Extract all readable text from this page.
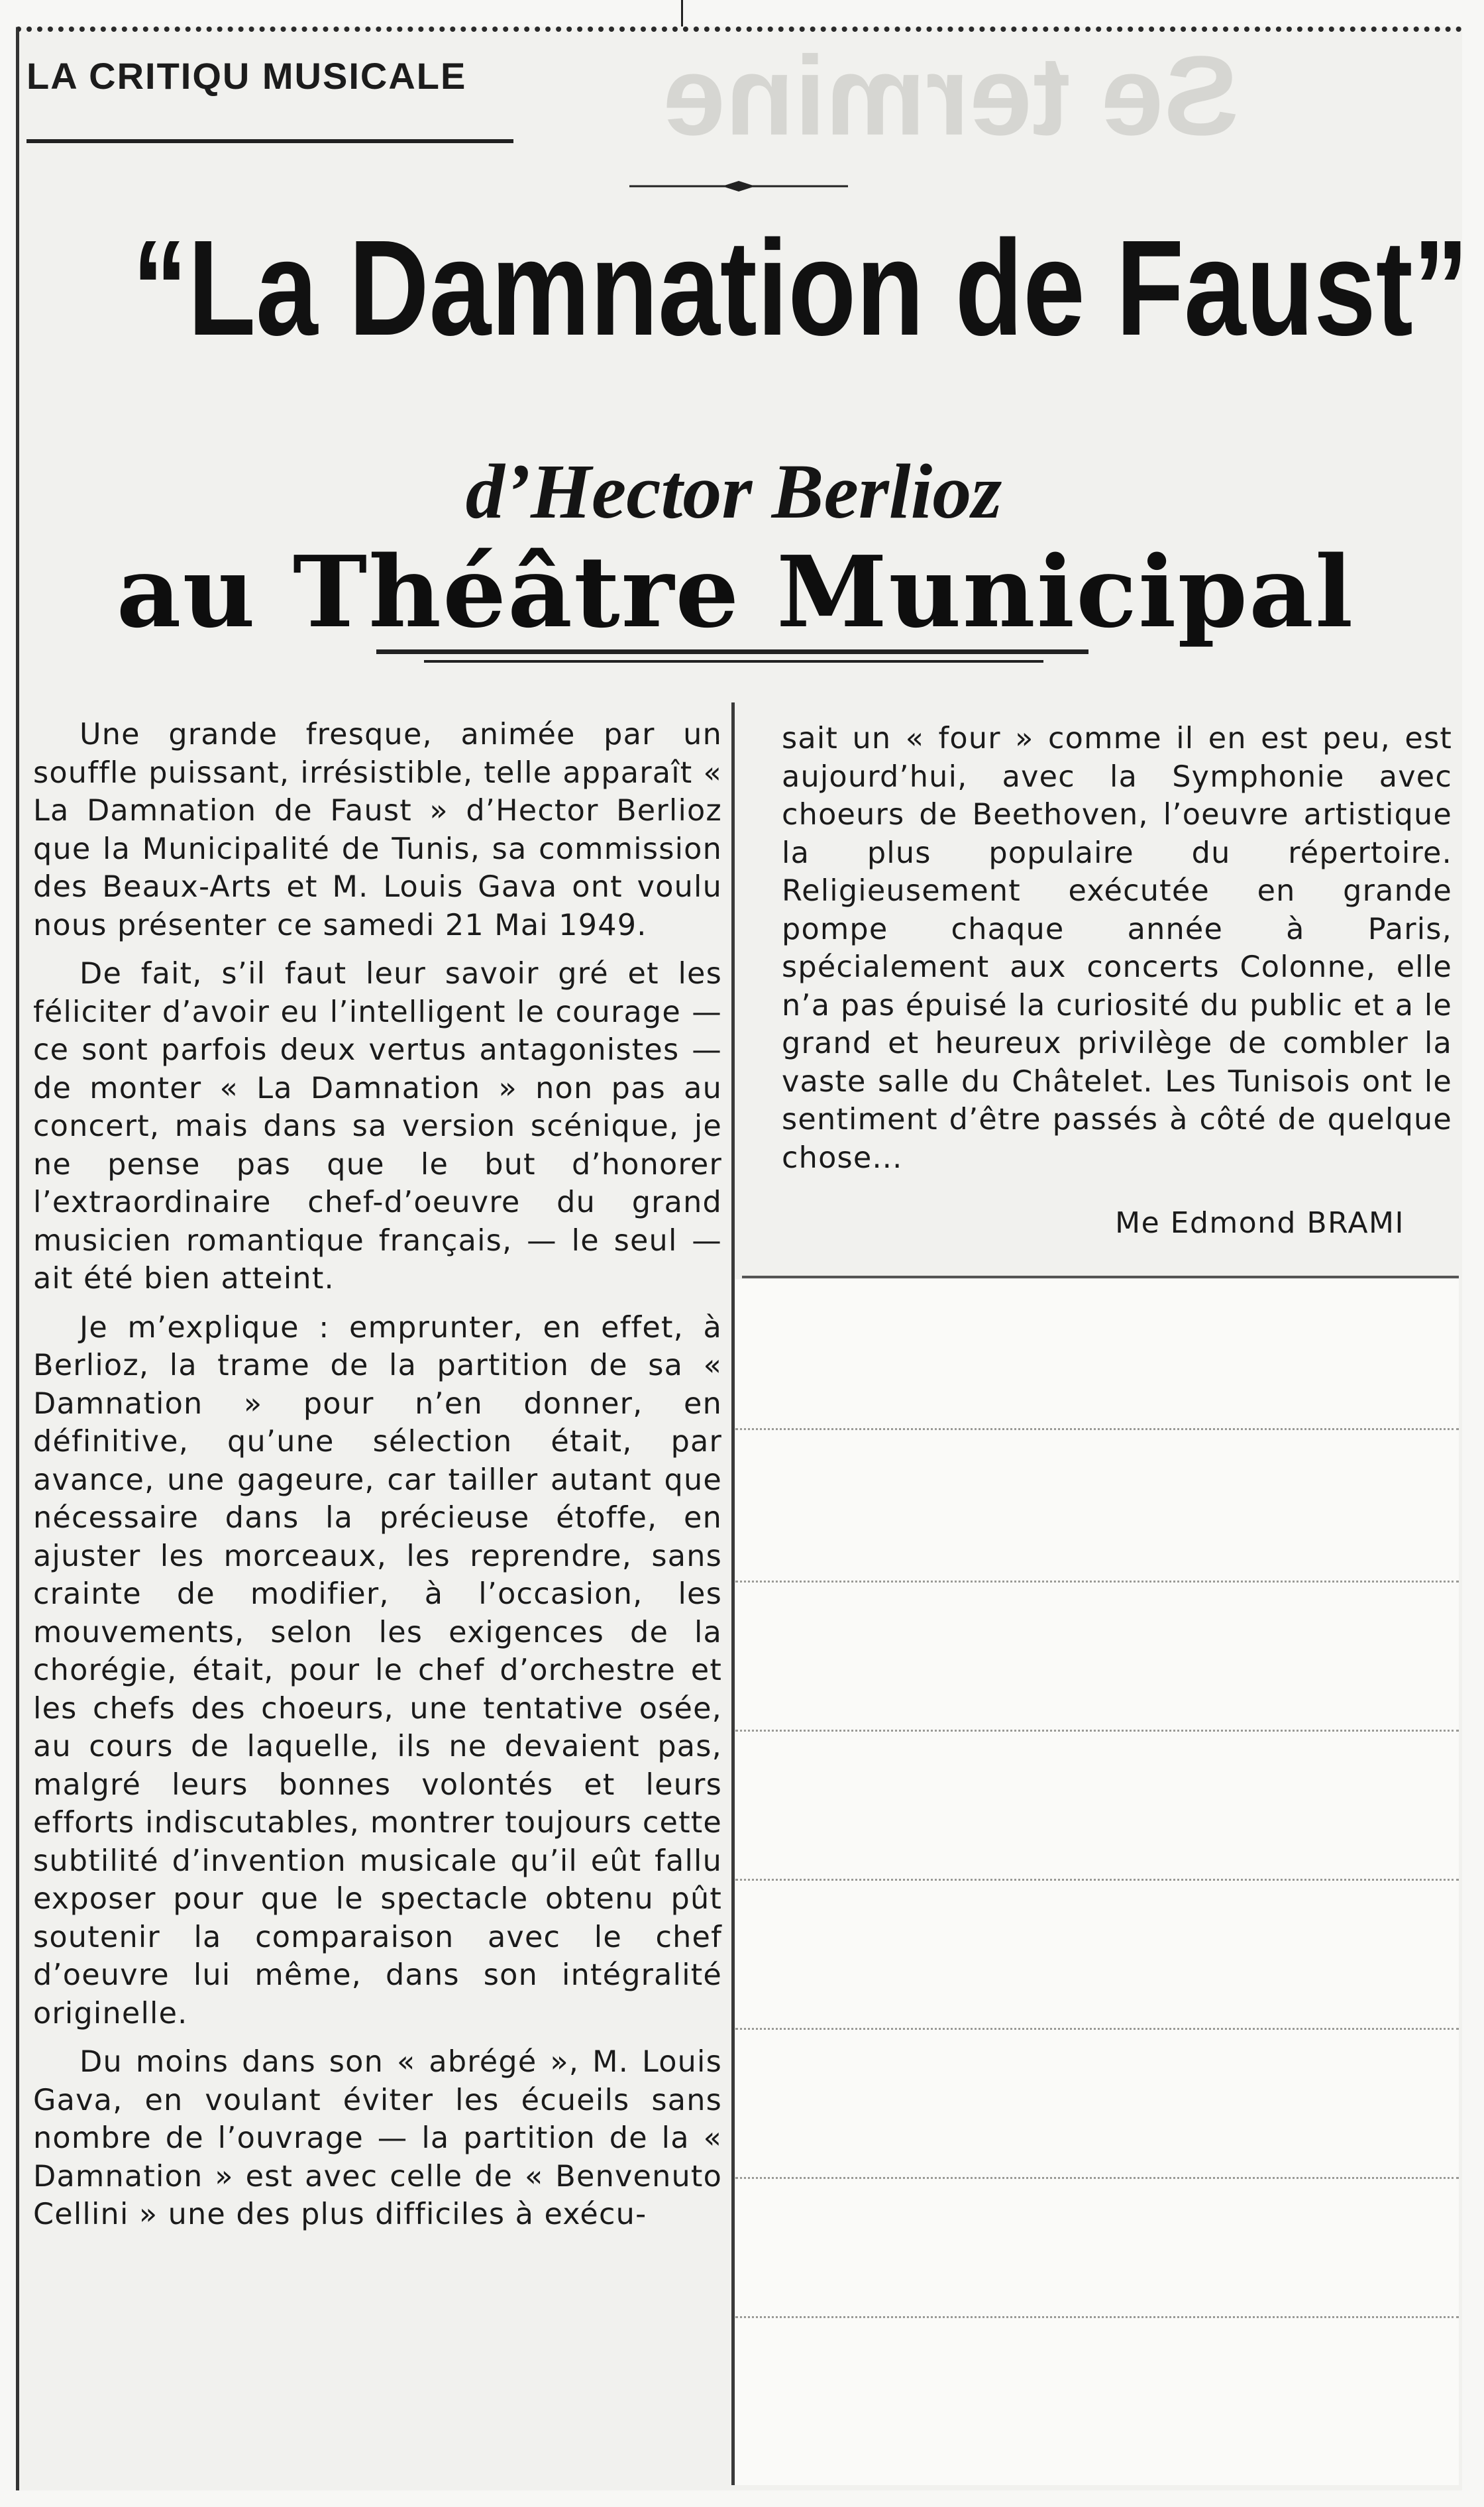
Se termine
LA CRITIQU MUSICALE
“La Damnation de Faust”
d’Hector Berlioz
au Théâtre Municipal

Une grande fresque, animée par un souffle puissant, irrésistible, telle apparaît « La Damnation de Faust » d’Hector Berlioz que la Municipalité de Tunis, sa commission des Beaux-Arts et M. Louis Gava ont voulu nous présenter ce samedi 21 Mai 1949.

De fait, s’il faut leur savoir gré et les féliciter d’avoir eu l’intelligent le courage — ce sont parfois deux vertus antagonistes — de monter « La Damnation » non pas au concert, mais dans sa version scénique, je ne pense pas que le but d’honorer l’extraordinaire chef-d’oeuvre du grand musicien romantique français, — le seul — ait été bien atteint.

Je m’explique : emprunter, en effet, à Berlioz, la trame de la partition de sa « Damnation » pour n’en donner, en définitive, qu’une sélection était, par avance, une gageure, car tailler autant que nécessaire dans la précieuse étoffe, en ajuster les morceaux, les reprendre, sans crainte de modifier, à l’occasion, les mouvements, selon les exigences de la chorégie, était, pour le chef d’orchestre et les chefs des choeurs, une tentative osée, au cours de laquelle, ils ne devaient pas, malgré leurs bonnes volontés et leurs efforts indiscutables, montrer toujours cette subtilité d’invention musicale qu’il eût fallu exposer pour que le spectacle obtenu pût soutenir la comparaison avec le chef d’oeuvre lui même, dans son intégralité originelle.

Du moins dans son « abrégé », M. Louis Gava, en voulant éviter les écueils sans nombre de l’ouvrage — la partition de la « Damnation » est avec celle de « Benvenuto Cellini » une des plus difficiles à exécu-

sait un « four » comme il en est peu, est aujourd’hui, avec la Symphonie avec choeurs de Beethoven, l’oeuvre artistique la plus populaire du répertoire. Religieusement exécutée en grande pompe chaque année à Paris, spécialement aux concerts Colonne, elle n’a pas épuisé la curiosité du public et a le grand et heureux privilège de combler la vaste salle du Châtelet. Les Tunisois ont le sentiment d’être passés à côté de quelque chose...

Me Edmond BRAMI
